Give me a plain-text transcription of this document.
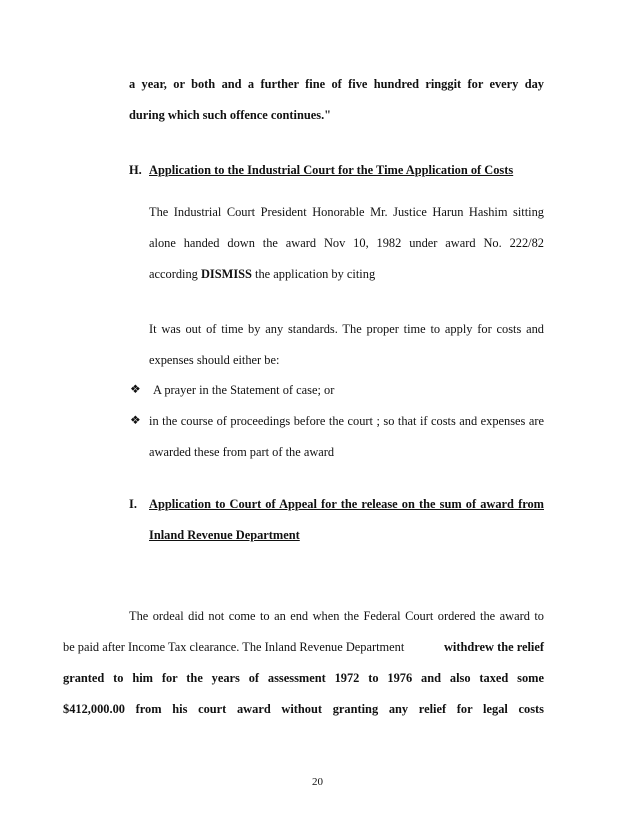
a year, or both and a further fine of five hundred ringgit for every day
during which such offence continues."
H. Application to the Industrial Court for the Time Application of Costs
The Industrial Court President Honorable Mr. Justice Harun Hashim sitting
alone handed down the award Nov 10, 1982 under award No. 222/82
according DISMISS the application by citing
It was out of time by any standards. The proper time to apply for costs and
expenses should either be:
❖ A prayer in the Statement of case; or
❖ in the course of proceedings before the court ; so that if costs and expenses are
awarded these from part of the award
I. Application to Court of Appeal for the release on the sum of award from
Inland Revenue Department
The ordeal did not come to an end when the Federal Court ordered the award to
be paid after Income Tax clearance. The Inland Revenue Department	withdrew the relief
granted to him for the years of assessment 1972 to 1976 and also taxed some
$412,000.00 from his court award without granting any relief for legal costs
20
